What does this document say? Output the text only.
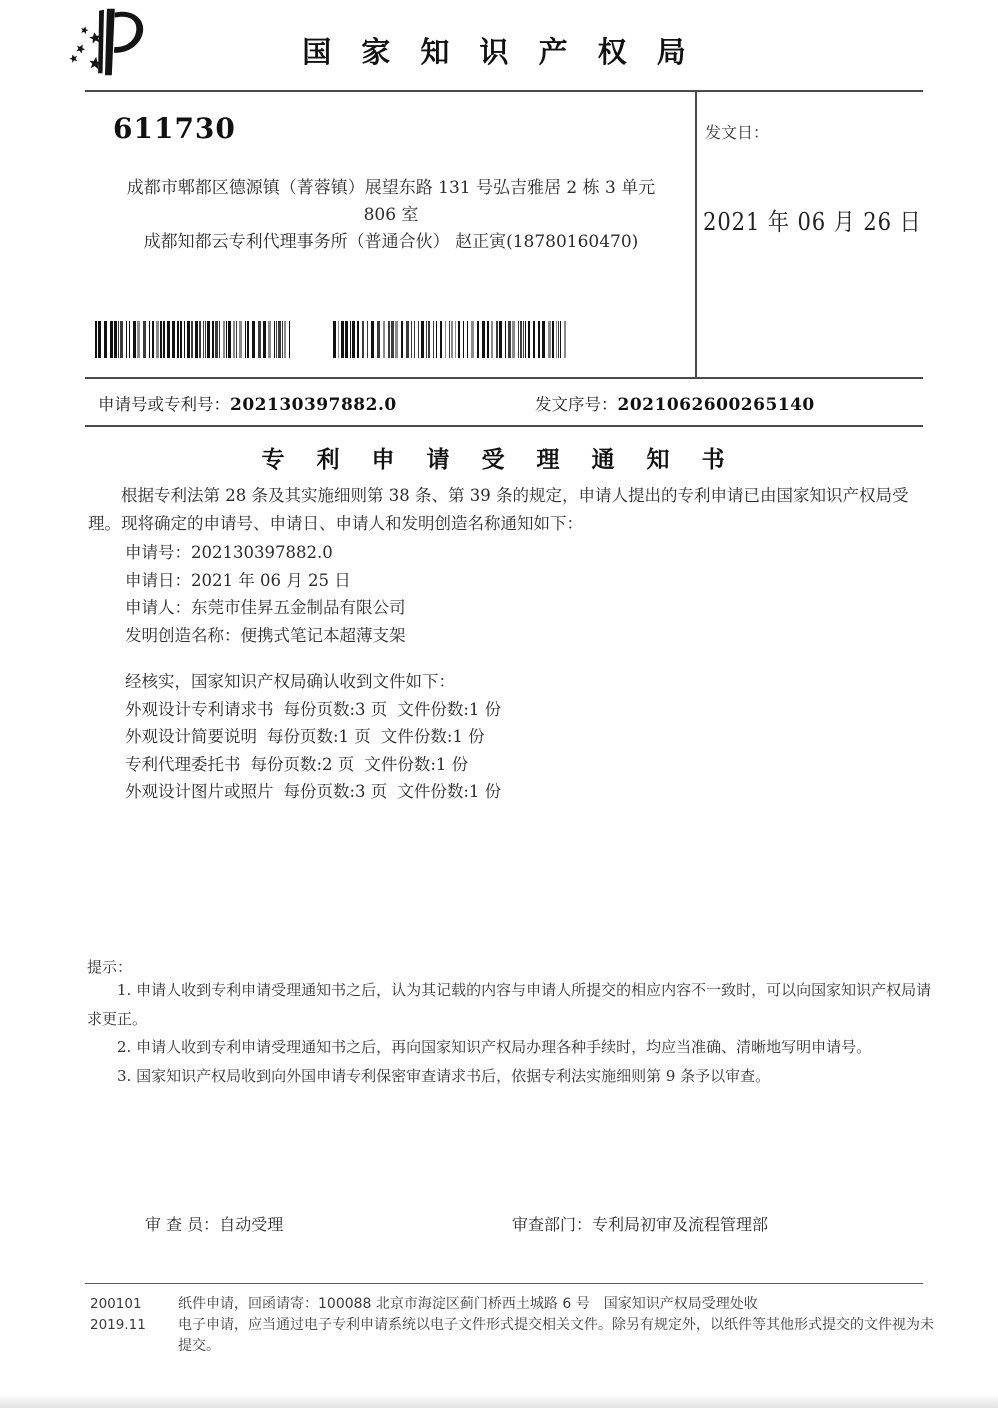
国 家 知 识 产 权 局
611730
成都市郫都区德源镇（菁蓉镇）展望东路 131 号弘吉雅居 2 栋 3 单元
806 室
成都知都云专利代理事务所（普通合伙） 赵正寅(18780160470)
发文日：
2021 年 06 月 26 日
申请号或专利号：202130397882.0	发文序号：2021062600265140
专 利 申 请 受 理 通 知 书
根据专利法第 28 条及其实施细则第 38 条、第 39 条的规定，申请人提出的专利申请已由国家知识产权局受理。现将确定的申请号、申请日、申请人和发明创造名称通知如下：
申请号：202130397882.0
申请日：2021 年 06 月 25 日
申请人：东莞市佳昇五金制品有限公司
发明创造名称：便携式笔记本超薄支架
经核实，国家知识产权局确认收到文件如下：
外观设计专利请求书 每份页数:3 页 文件份数:1 份
外观设计简要说明 每份页数:1 页 文件份数:1 份
专利代理委托书 每份页数:2 页 文件份数:1 份
外观设计图片或照片 每份页数:3 页 文件份数:1 份
提示：

1. 申请人收到专利申请受理通知书之后，认为其记载的内容与申请人所提交的相应内容不一致时，可以向国家知识产权局请求更正。

2. 申请人收到专利申请受理通知书之后，再向国家知识产权局办理各种手续时，均应当准确、清晰地写明申请号。

3. 国家知识产权局收到向外国申请专利保密审查请求书后，依据专利法实施细则第 9 条予以审查。

审 查 员：自动受理	审查部门：专利局初审及流程管理部
200101
2019.11

纸件申请，回函请寄：100088 北京市海淀区蓟门桥西土城路 6 号　国家知识产权局受理处收

电子申请，应当通过电子专利申请系统以电子文件形式提交相关文件。除另有规定外，以纸件等其他形式提交的文件视为未提交。
